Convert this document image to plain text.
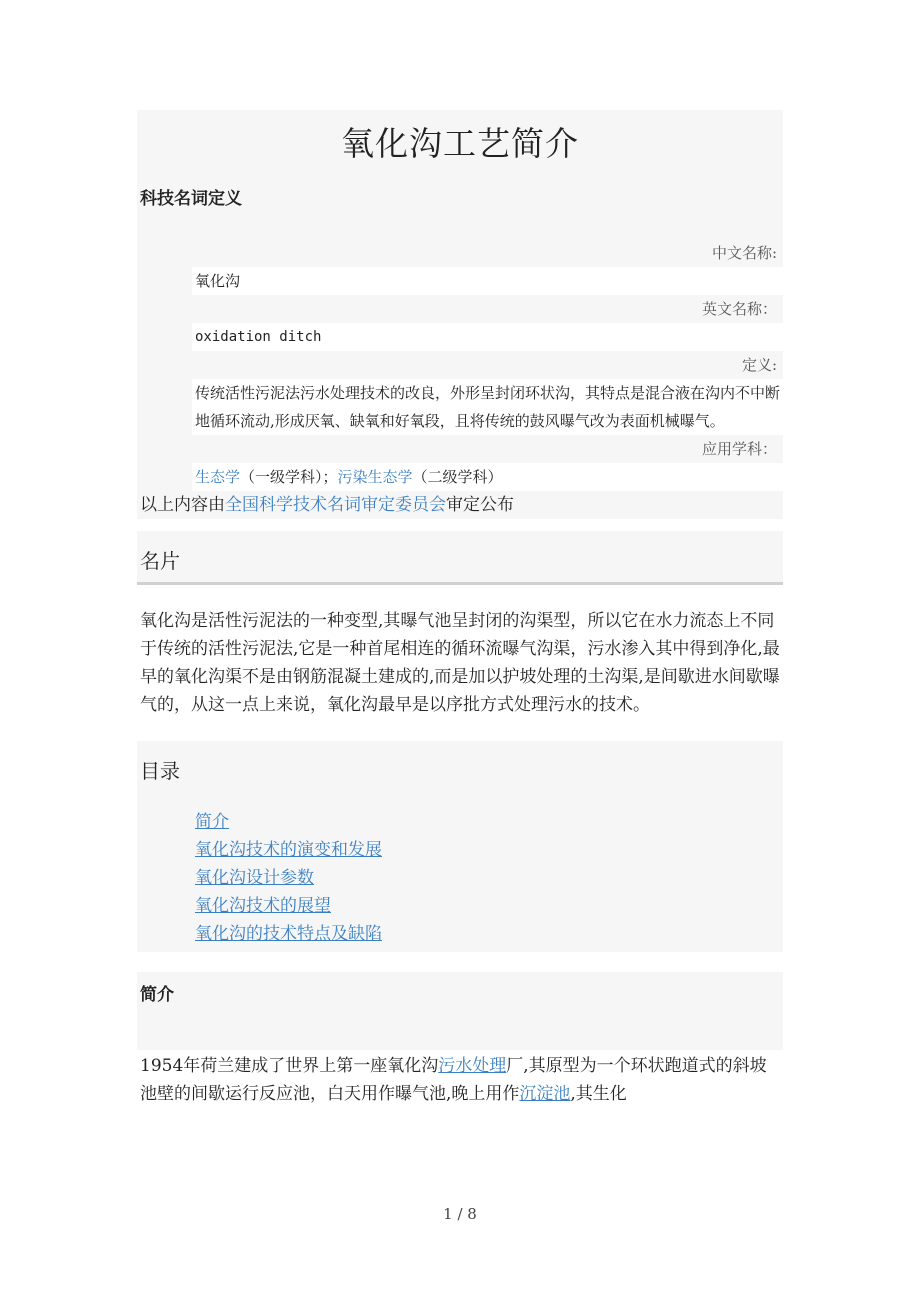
氧化沟工艺简介
科技名词定义
中文名称:
氧化沟
英文名称：
oxidation ditch
定义:
传统活性污泥法污水处理技术的改良，外形呈封闭环状沟，其特点是混合液在沟内不中断地循环流动,形成厌氧、缺氧和好氧段，且将传统的鼓风曝气改为表面机械曝气。
应用学科：
生态学（一级学科）；污染生态学（二级学科）
以上内容由全国科学技术名词审定委员会审定公布
名片

氧化沟是活性污泥法的一种变型,其曝气池呈封闭的沟渠型，所以它在水力流态上不同于传统的活性污泥法,它是一种首尾相连的循环流曝气沟渠，污水渗入其中得到净化,最早的氧化沟渠不是由钢筋混凝土建成的,而是加以护坡处理的土沟渠,是间歇进水间歇曝气的，从这一点上来说，氧化沟最早是以序批方式处理污水的技术。

目录
简介
氧化沟技术的演变和发展
氧化沟设计参数
氧化沟技术的展望
氧化沟的技术特点及缺陷
简介

1954年荷兰建成了世界上第一座氧化沟污水处理厂,其原型为一个环状跑道式的斜坡池壁的间歇运行反应池，白天用作曝气池,晚上用作沉淀池,其生化

1 / 8
